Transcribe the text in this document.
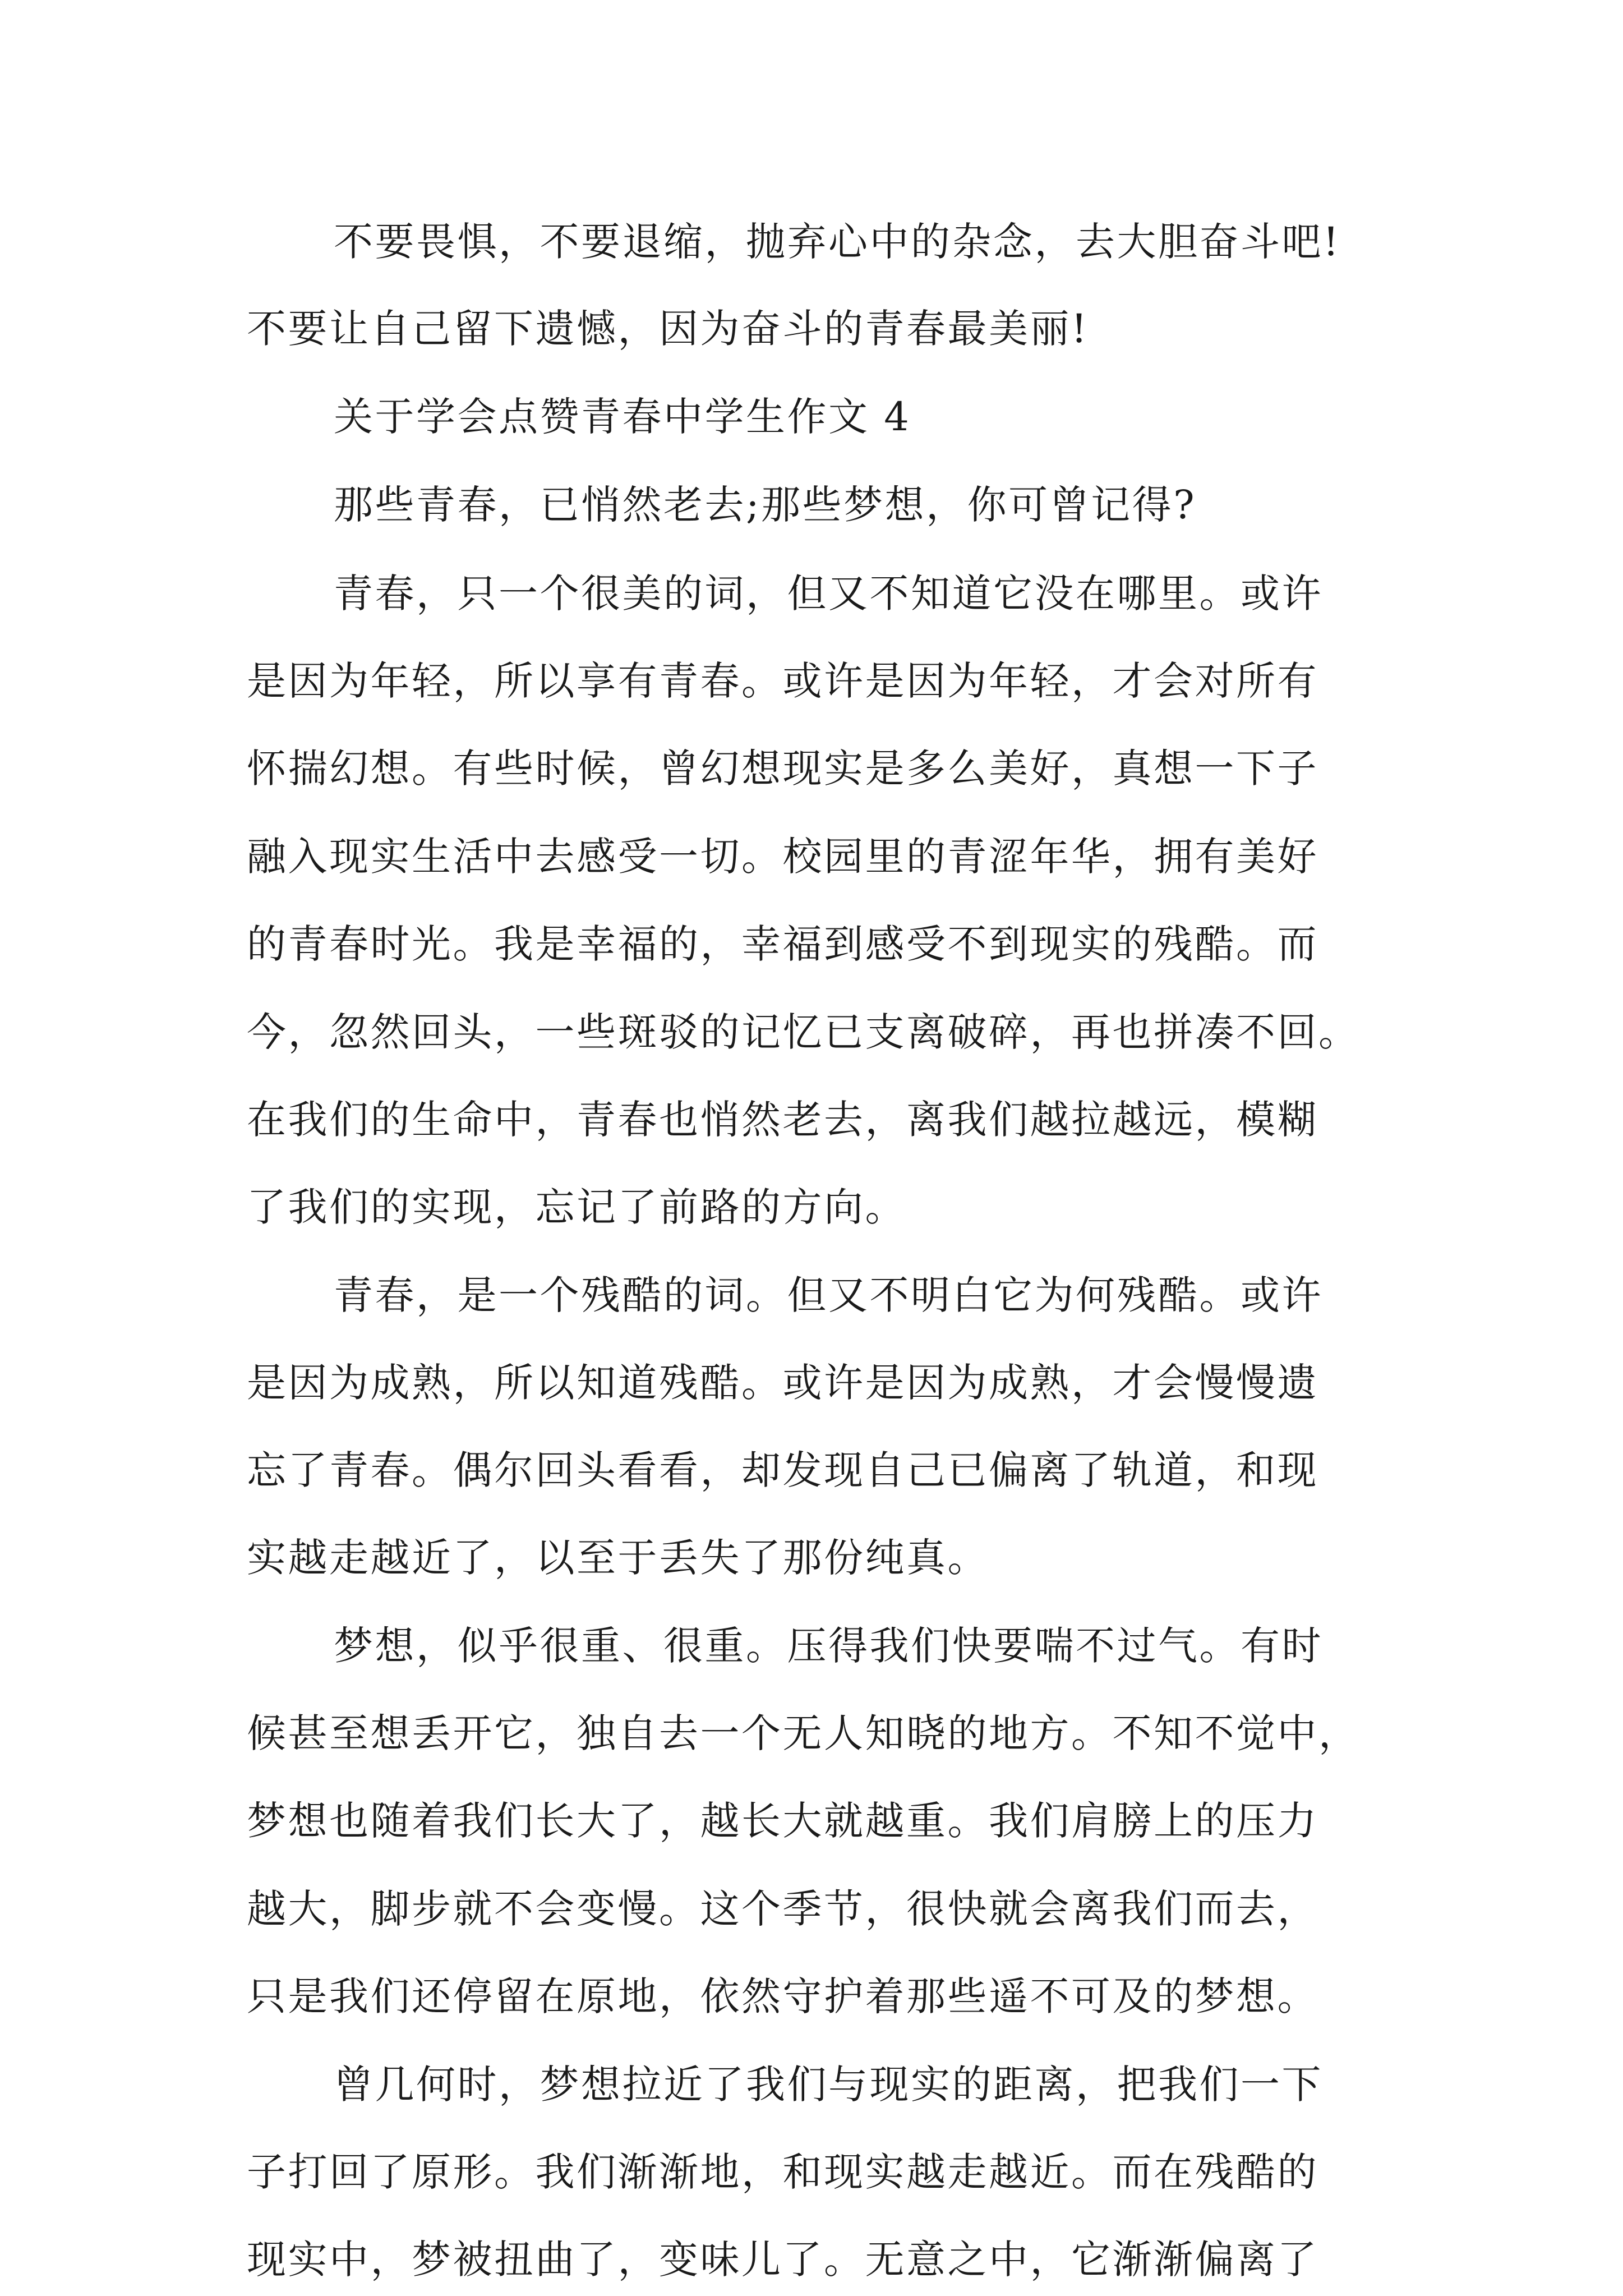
不要畏惧，不要退缩，抛弃心中的杂念，去大胆奋斗吧!
不要让自己留下遗憾，因为奋斗的青春最美丽!
关于学会点赞青春中学生作文 4
那些青春，已悄然老去;那些梦想，你可曾记得?
青春，只一个很美的词，但又不知道它没在哪里。或许
是因为年轻，所以享有青春。或许是因为年轻，才会对所有
怀揣幻想。有些时候，曾幻想现实是多么美好，真想一下子
融入现实生活中去感受一切。校园里的青涩年华，拥有美好
的青春时光。我是幸福的，幸福到感受不到现实的残酷。而
今，忽然回头，一些斑驳的记忆已支离破碎，再也拼凑不回。
在我们的生命中，青春也悄然老去，离我们越拉越远，模糊
了我们的实现，忘记了前路的方向。
青春，是一个残酷的词。但又不明白它为何残酷。或许
是因为成熟，所以知道残酷。或许是因为成熟，才会慢慢遗
忘了青春。偶尔回头看看，却发现自己已偏离了轨道，和现
实越走越近了，以至于丢失了那份纯真。
梦想，似乎很重、很重。压得我们快要喘不过气。有时
候甚至想丢开它，独自去一个无人知晓的地方。不知不觉中，
梦想也随着我们长大了，越长大就越重。我们肩膀上的压力
越大，脚步就不会变慢。这个季节，很快就会离我们而去，
只是我们还停留在原地，依然守护着那些遥不可及的梦想。
曾几何时，梦想拉近了我们与现实的距离，把我们一下
子打回了原形。我们渐渐地，和现实越走越近。而在残酷的
现实中，梦被扭曲了，变味儿了。无意之中，它渐渐偏离了
